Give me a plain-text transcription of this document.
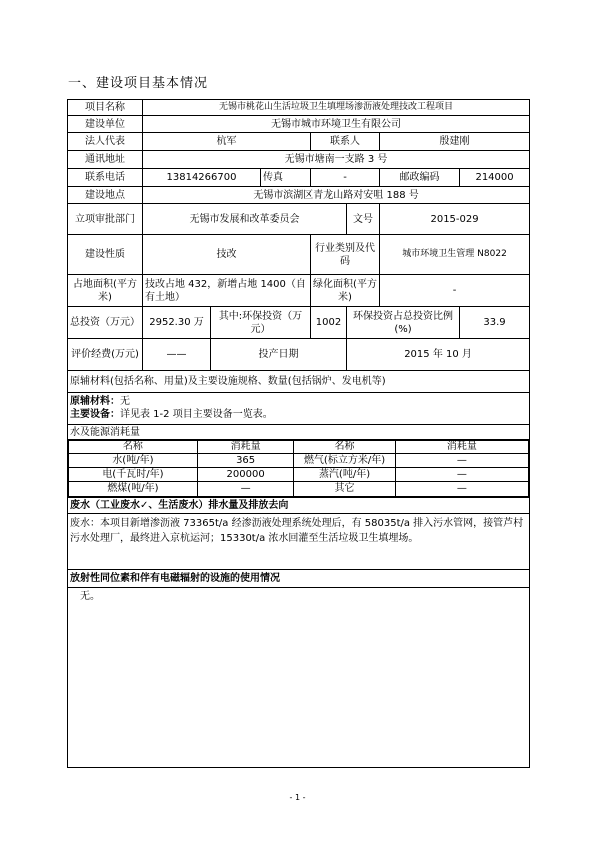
一、建设项目基本情况
项目名称	无锡市桃花山生活垃圾卫生填埋场渗沥液处理技改工程项目
建设单位	无锡市城市环境卫生有限公司
法人代表	杭军	联系人	殷建刚
通讯地址	无锡市塘南一支路 3 号
联系电话	13814266700	传真	-	邮政编码	214000
建设地点	无锡市滨湖区青龙山路对安咀 188 号
立项审批部门	无锡市发展和改革委员会	文号	2015-029
建设性质	技改	行业类别及代码	城市环境卫生管理 N8022
占地面积(平方米)	技改占地 432，新增占地 1400（自有土地）	绿化面积(平方米)	-
总投资（万元）	2952.30 万	其中:环保投资（万元）	1002	环保投资占总投资比例(%)	33.9
评价经费(万元)	——	投产日期	2015 年 10 月
原辅材料(包括名称、用量)及主要设施规格、数量(包括锅炉、发电机等)

原辅材料：无
主要设备：详见表 1-2 项目主要设备一览表。

水及能源消耗量

名称	消耗量	名称	消耗量
水(吨/年)	365	燃气(标立方米/年)	—
电(千瓦时/年)	200000	蒸汽(吨/年)	—
燃煤(吨/年)	—	其它	—

废水（工业废水✓、生活废水）排水量及排放去向
废水：本项目新增渗沥液 73365t/a 经渗沥液处理系统处理后，有 58035t/a 排入污水管网，接管芦村污水处理厂，最终进入京杭运河；15330t/a 浓水回灌至生活垃圾卫生填埋场。
放射性同位素和伴有电磁辐射的设施的使用情况
无。
- 1 -
